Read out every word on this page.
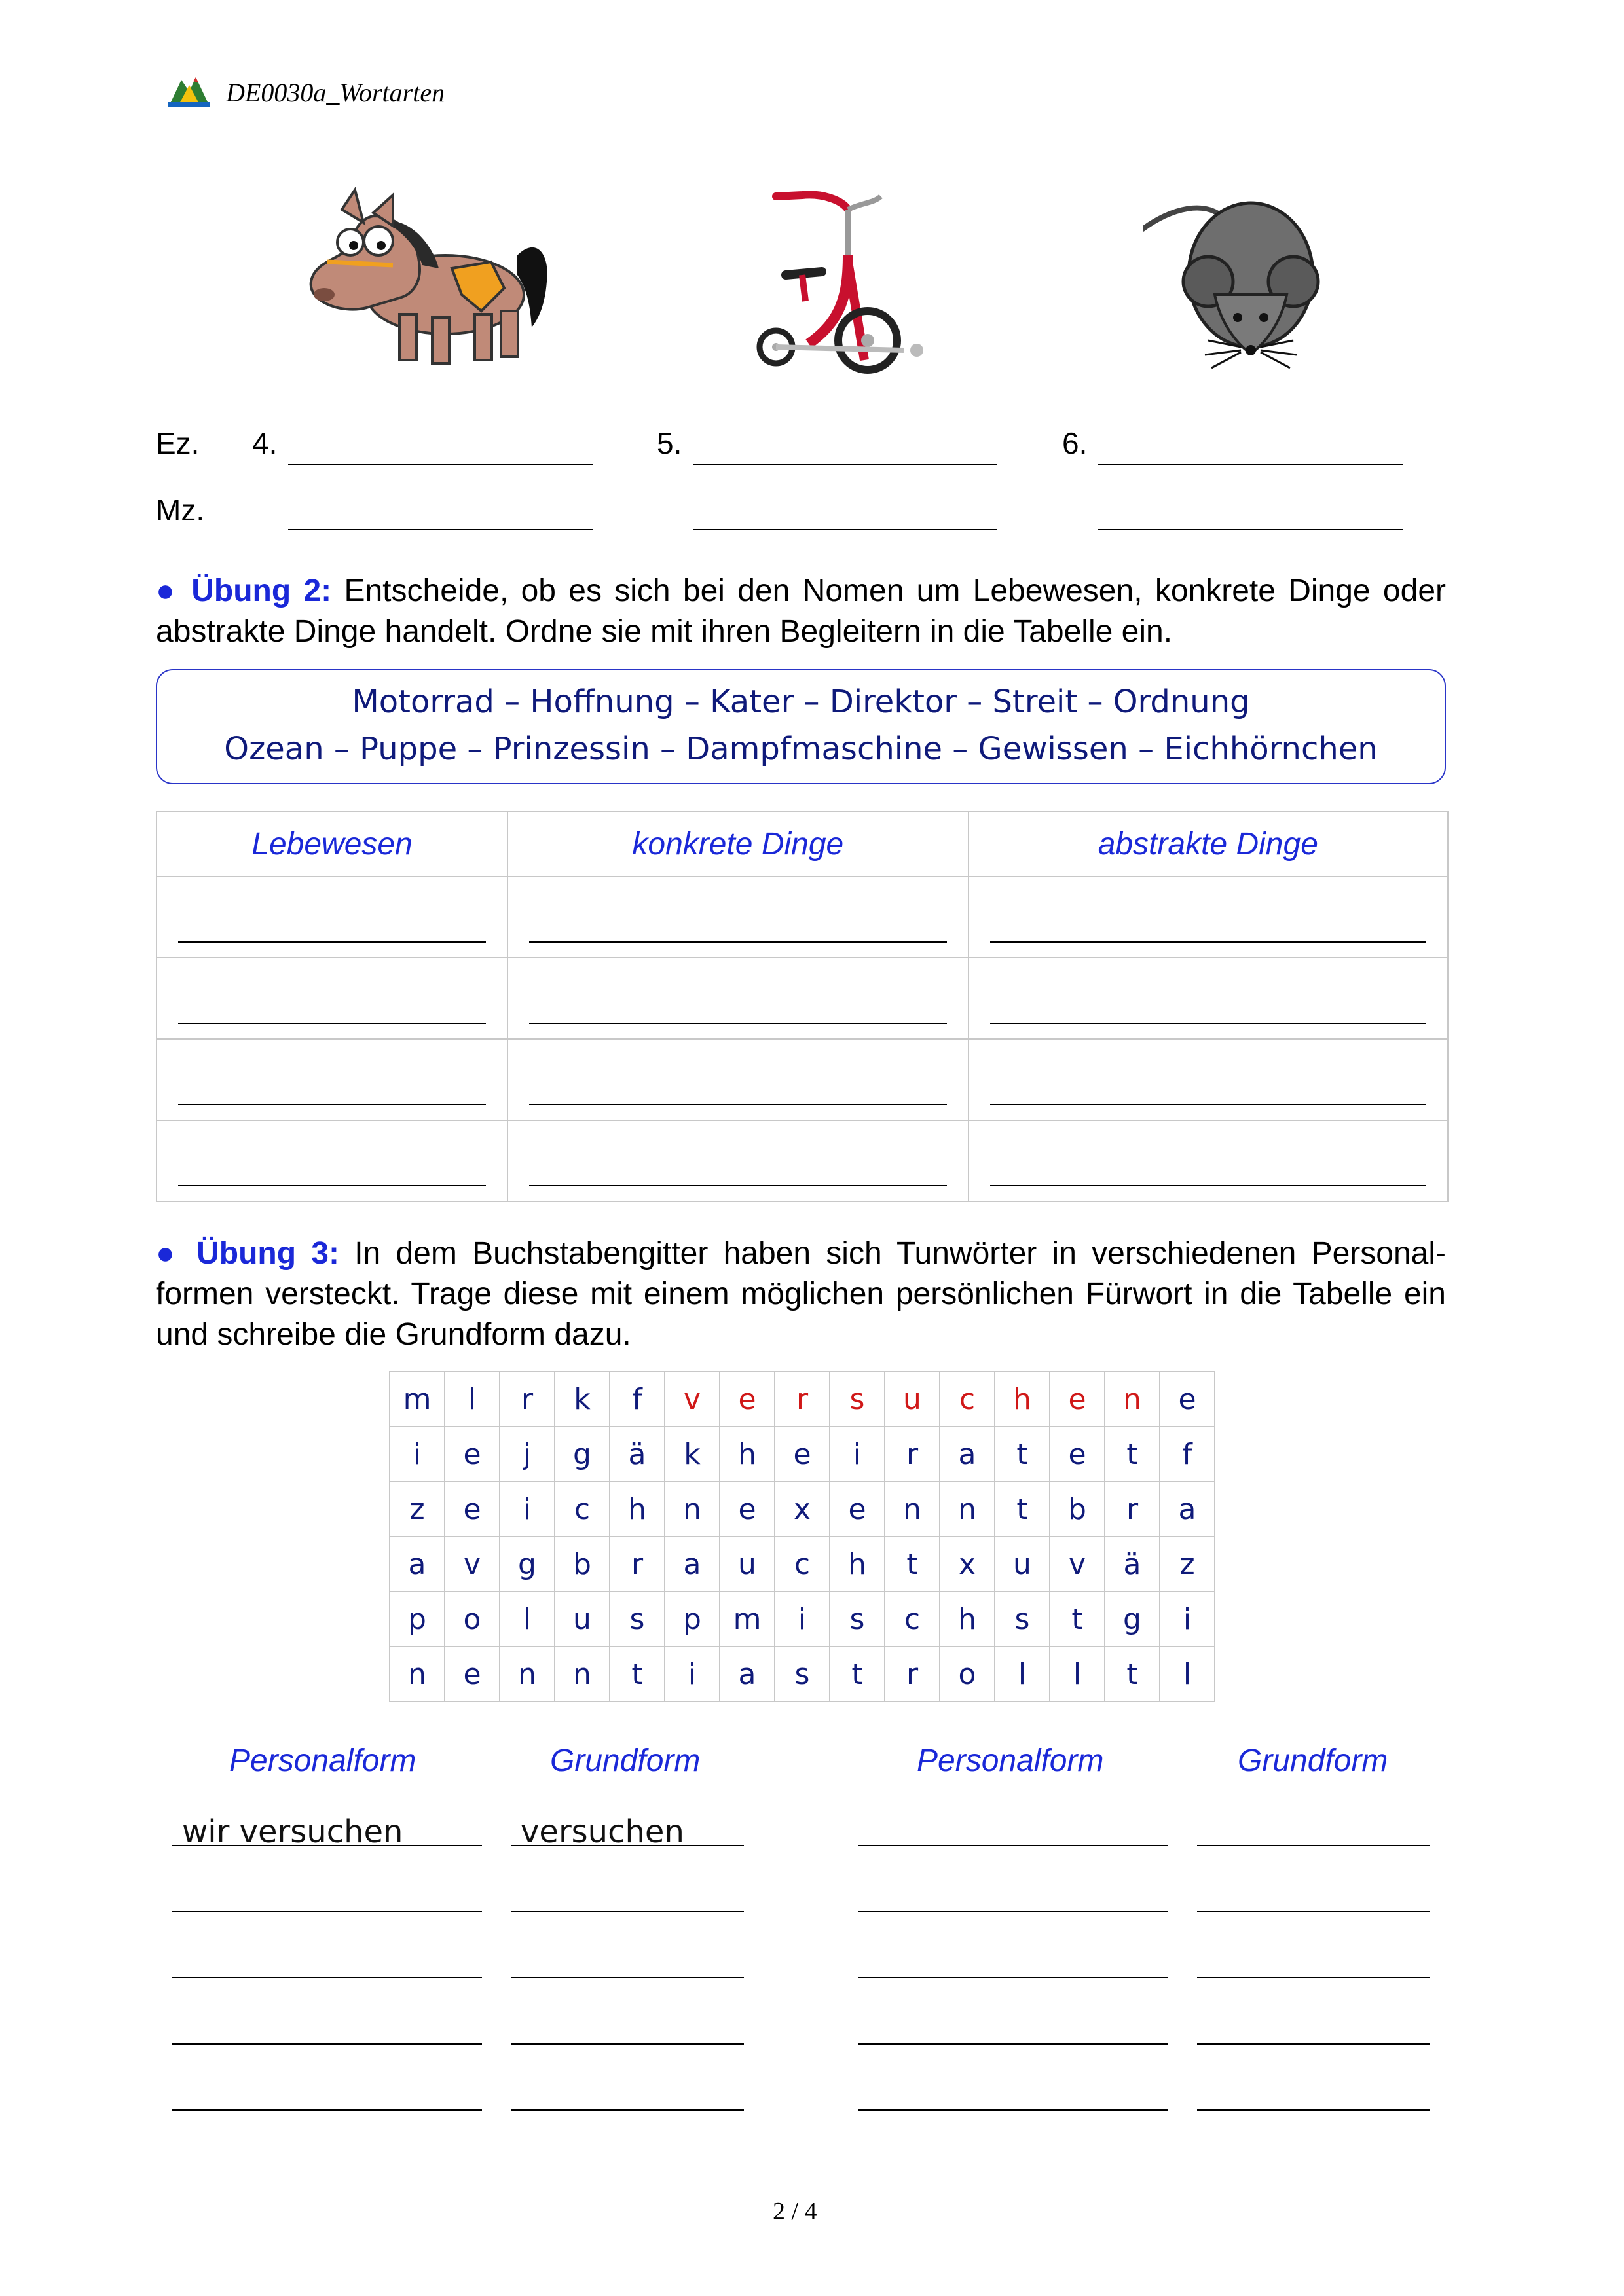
DE0030a_Wortarten
Ez. 4.	5.	6.
Mz.
● Übung 2: Entscheide, ob es sich bei den Nomen um Lebewesen, konkrete Dinge oder abstrakte Dinge handelt. Ordne sie mit ihren Begleitern in die Tabelle ein.
Motorrad – Hoffnung – Kater – Direktor – Streit – Ordnung
Ozean – Puppe – Prinzessin – Dampfmaschine – Gewissen – Eichhörnchen
Lebewesen	konkrete Dinge	abstrakte Dinge

● Übung 3: In dem Buchstabengitter haben sich Tunwörter in verschiedenen Personal-formen versteckt. Trage diese mit einem möglichen persönlichen Fürwort in die Tabelle ein und schreibe die Grundform dazu.
m	l	r	k	f	v	e	r	s	u	c	h	e	n	e
i	e	j	g	ä	k	h	e	i	r	a	t	e	t	f
z	e	i	c	h	n	e	x	e	n	n	t	b	r	a
a	v	g	b	r	a	u	c	h	t	x	u	v	ä	z
p	o	l	u	s	p	m	i	s	c	h	s	t	g	i
n	e	n	n	t	i	a	s	t	r	o	l	l	t	l
Personalform	Grundform	Personalform	Grundform
wir versuchen	versuchen
2 / 4
